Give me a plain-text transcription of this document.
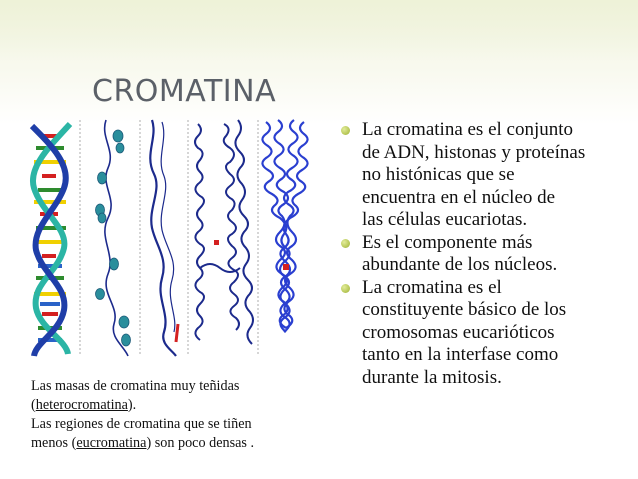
CROMATINA
Las masas de cromatina muy teñidas
(heterocromatina).
Las regiones de cromatina que se tiñen
menos (eucromatina) son poco densas .
La cromatina es el conjunto
de ADN, histonas y proteínas
no histónicas que se
encuentra en el núcleo de
las células eucariotas.
Es el componente más
abundante de los núcleos.
La cromatina es el
constituyente básico de los
cromosomas eucarióticos
tanto en la interfase como
durante la mitosis.
